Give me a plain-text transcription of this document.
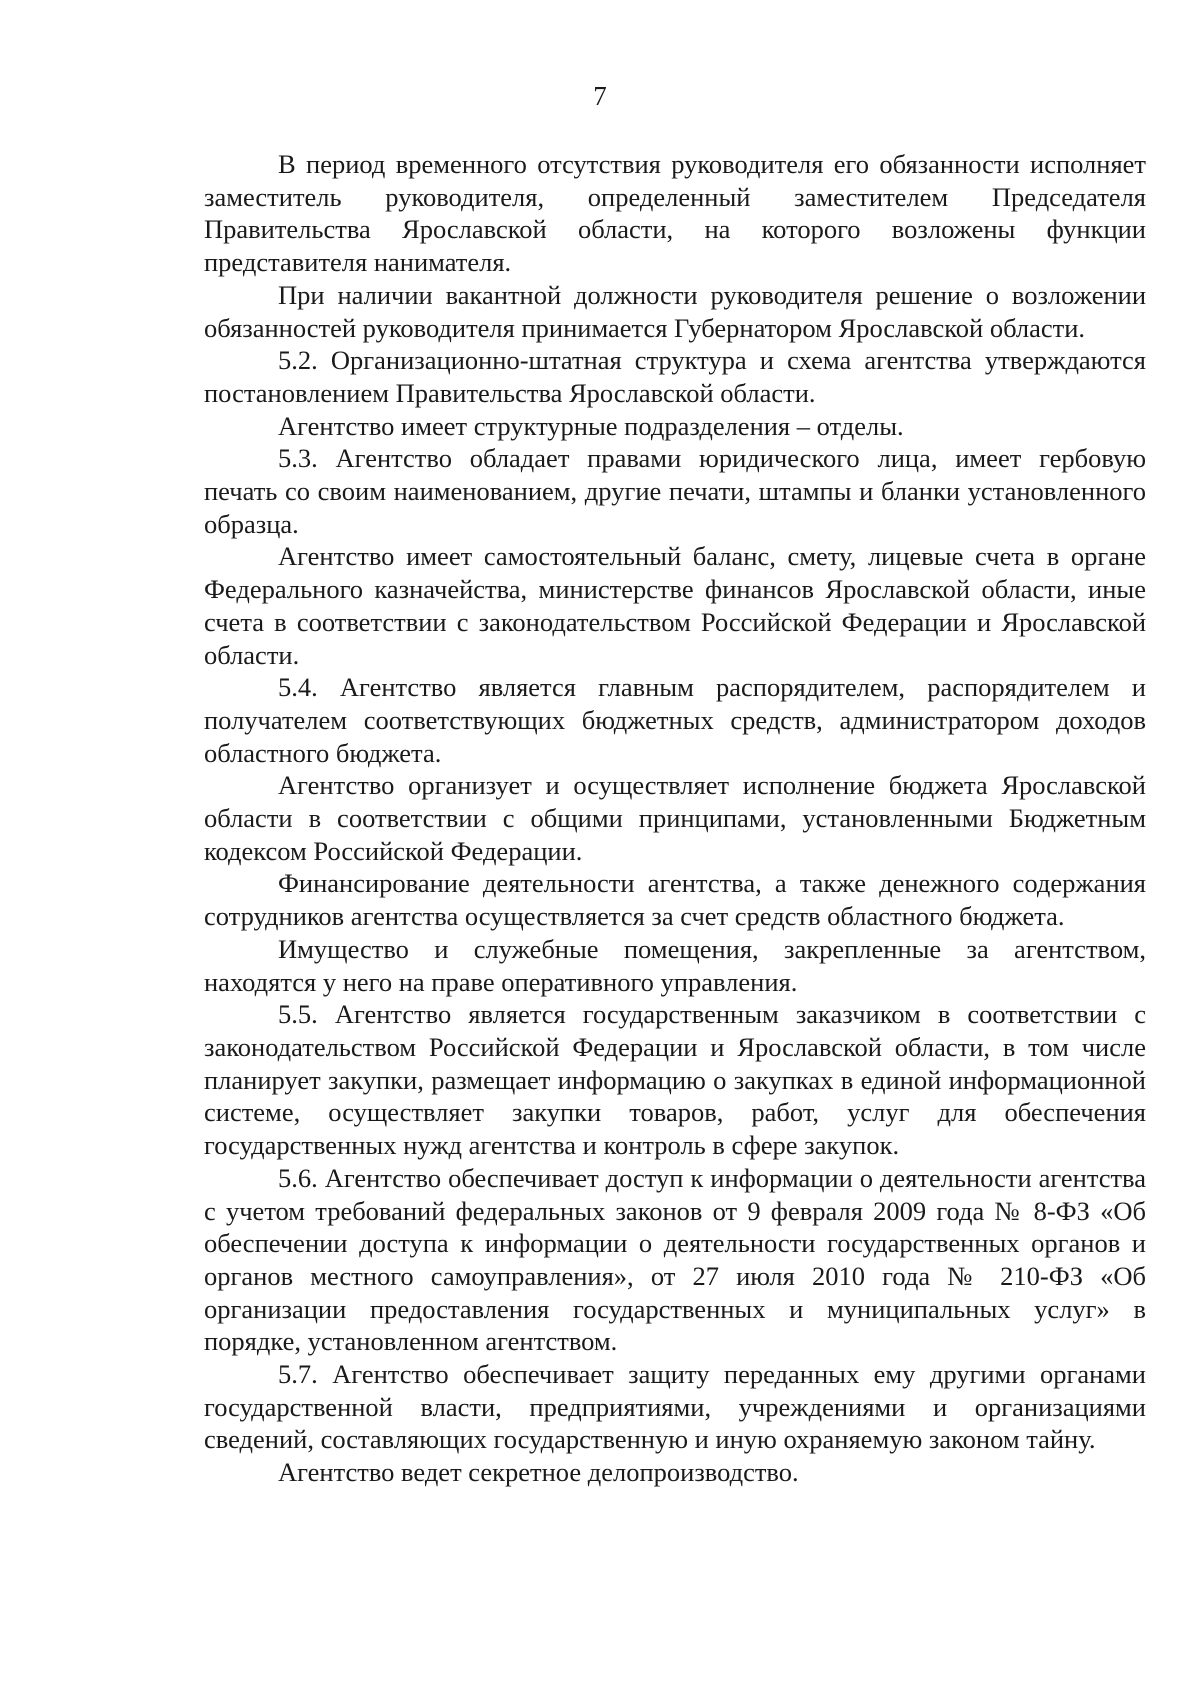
7

В период временного отсутствия руководителя его обязанности исполняет заместитель руководителя, определенный заместителем Председателя Правительства Ярославской области, на которого возложены функции представителя нанимателя.

При наличии вакантной должности руководителя решение о возложении обязанностей руководителя принимается Губернатором Ярославской области.

5.2. Организационно-штатная структура и схема агентства утверждаются постановлением Правительства Ярославской области.

Агентство имеет структурные подразделения – отделы.

5.3. Агентство обладает правами юридического лица, имеет гербовую печать со своим наименованием, другие печати, штампы и бланки установленного образца.

Агентство имеет самостоятельный баланс, смету, лицевые счета в органе Федерального казначейства, министерстве финансов Ярославской области, иные счета в соответствии с законодательством Российской Федерации и Ярославской области.

5.4. Агентство является главным распорядителем, распорядителем и получателем соответствующих бюджетных средств, администратором доходов областного бюджета.

Агентство организует и осуществляет исполнение бюджета Ярославской области в соответствии с общими принципами, установленными Бюджетным кодексом Российской Федерации.

Финансирование деятельности агентства, а также денежного содержания сотрудников агентства осуществляется за счет средств областного бюджета.

Имущество и служебные помещения, закрепленные за агентством, находятся у него на праве оперативного управления.

5.5. Агентство является государственным заказчиком в соответствии с законодательством Российской Федерации и Ярославской области, в том числе планирует закупки, размещает информацию о закупках в единой информационной системе, осуществляет закупки товаров, работ, услуг для обеспечения государственных нужд агентства и контроль в сфере закупок.

5.6. Агентство обеспечивает доступ к информации о деятельности агентства с учетом требований федеральных законов от 9 февраля 2009 года № 8-ФЗ «Об обеспечении доступа к информации о деятельности государственных органов и органов местного самоуправления», от 27 июля 2010 года № 210-ФЗ «Об организации предоставления государственных и муниципальных услуг» в порядке, установленном агентством.

5.7. Агентство обеспечивает защиту переданных ему другими органами государственной власти, предприятиями, учреждениями и организациями сведений, составляющих государственную и иную охраняемую законом тайну.

Агентство ведет секретное делопроизводство.
